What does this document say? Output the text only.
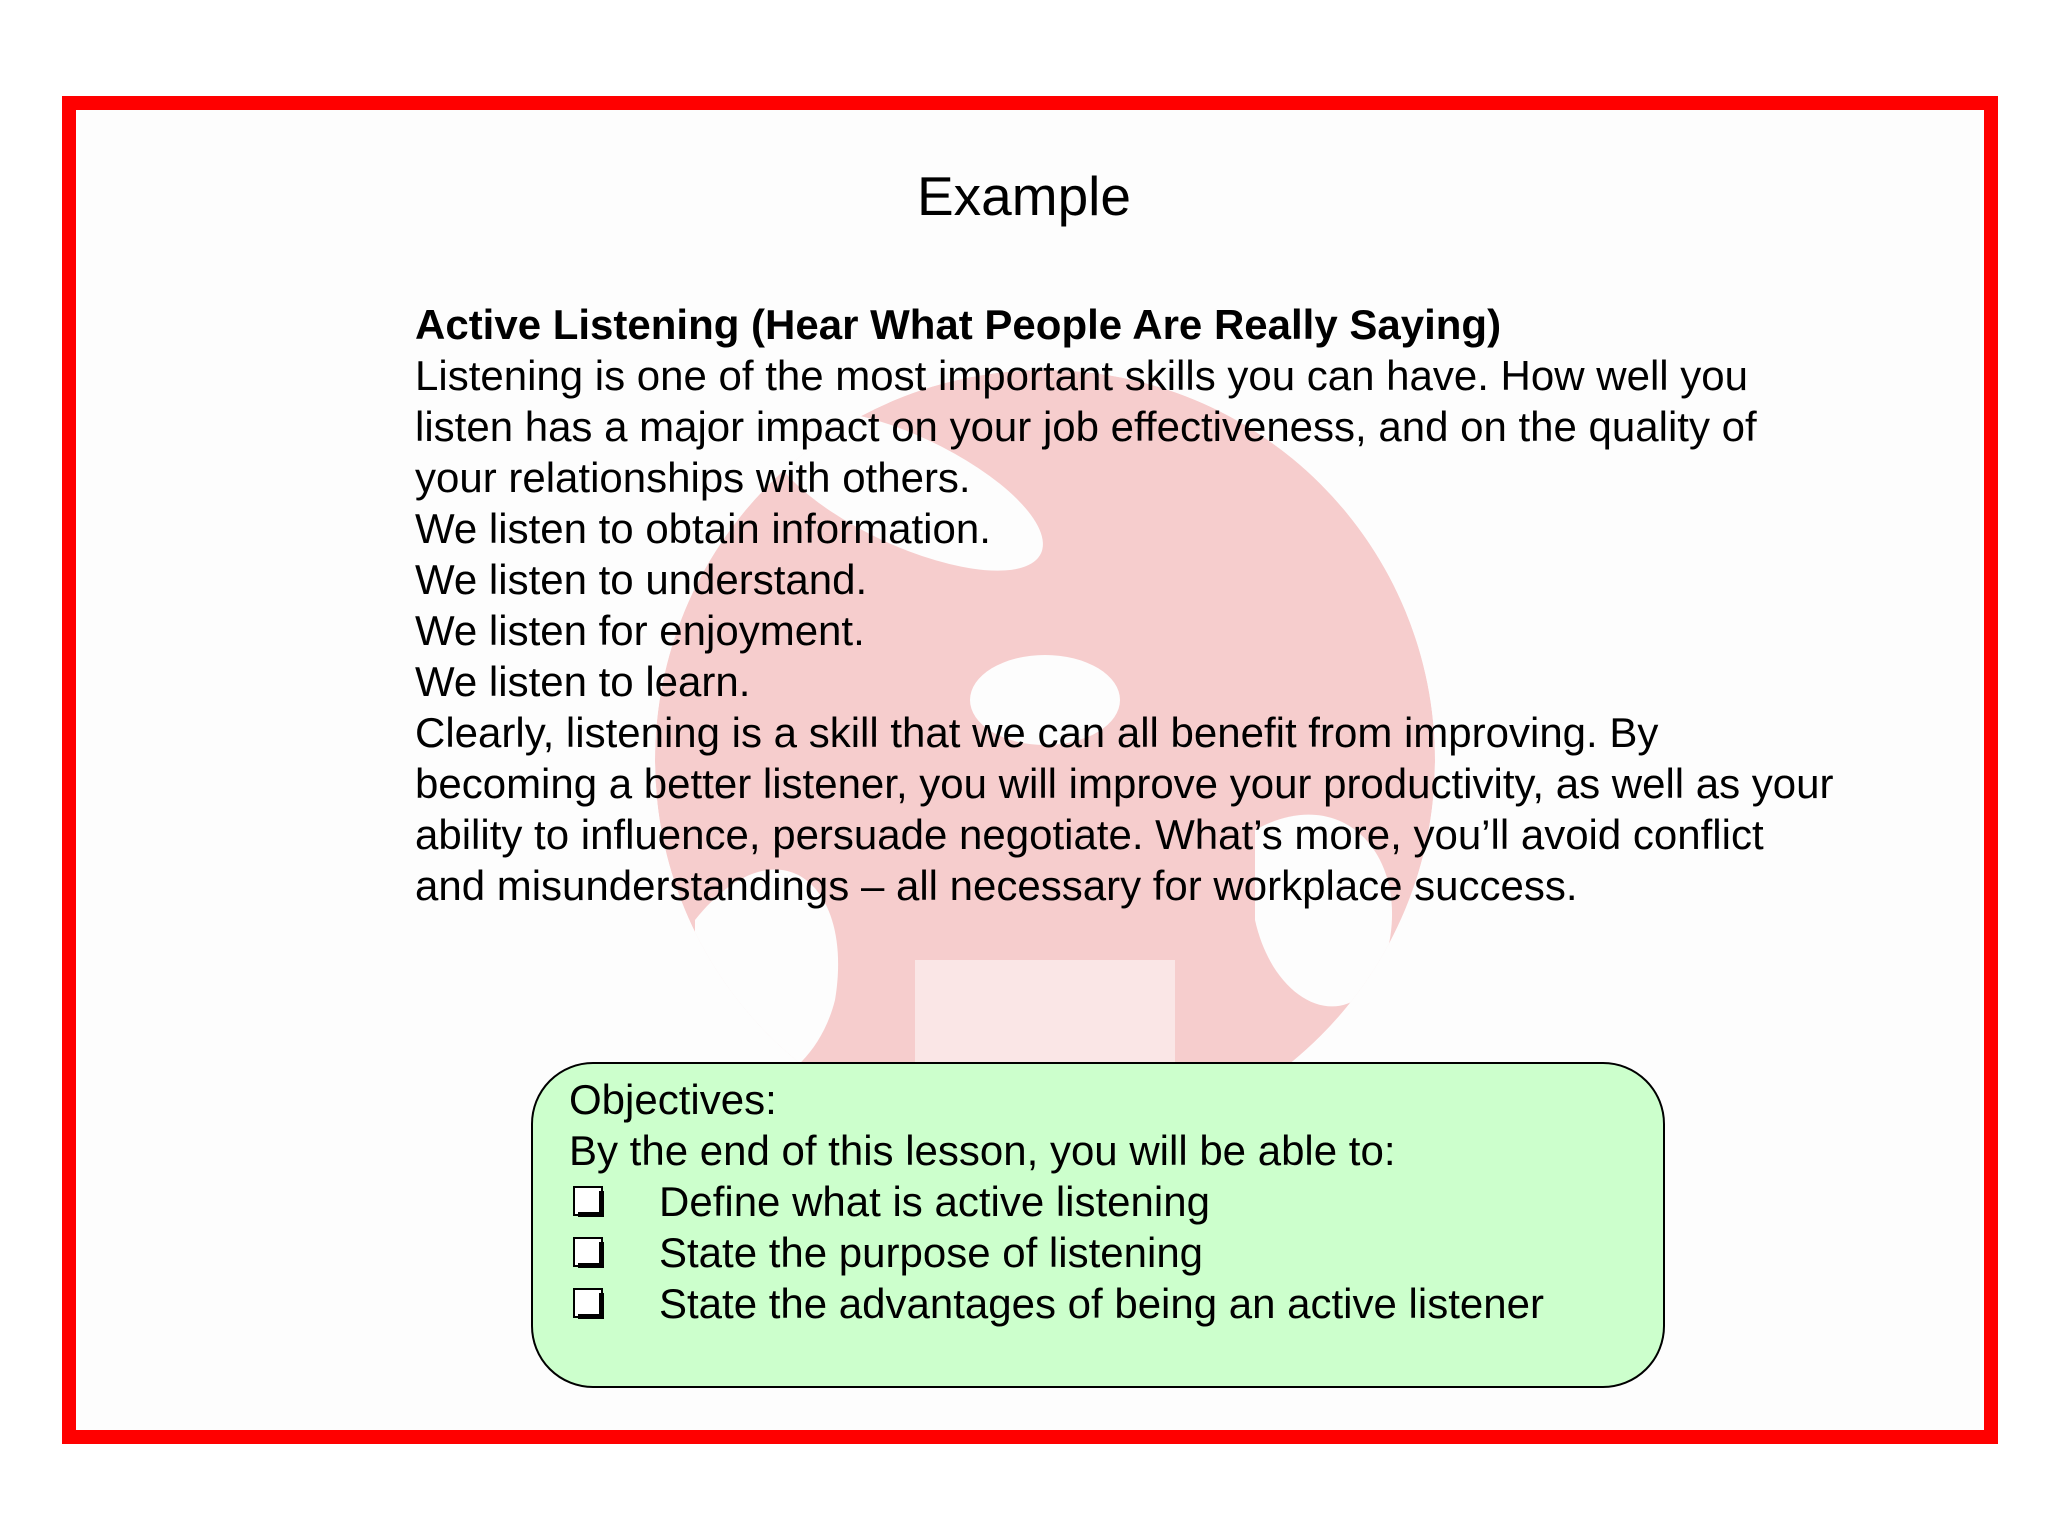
Example
Active Listening (Hear What People Are Really Saying)
Listening is one of the most important skills you can have. How well you listen has a major impact on your job effectiveness, and on the quality of your relationships with others.
We listen to obtain information.
We listen to understand.
We listen for enjoyment.
We listen to learn.
Clearly, listening is a skill that we can all benefit from improving. By becoming a better listener, you will improve your productivity, as well as your ability to influence, persuade negotiate. What’s more, you’ll avoid conflict and misunderstandings – all necessary for workplace success.
Objectives:
By the end of this lesson, you will be able to:
Define what is active listening
State the purpose of listening
State the advantages of being an active listener
